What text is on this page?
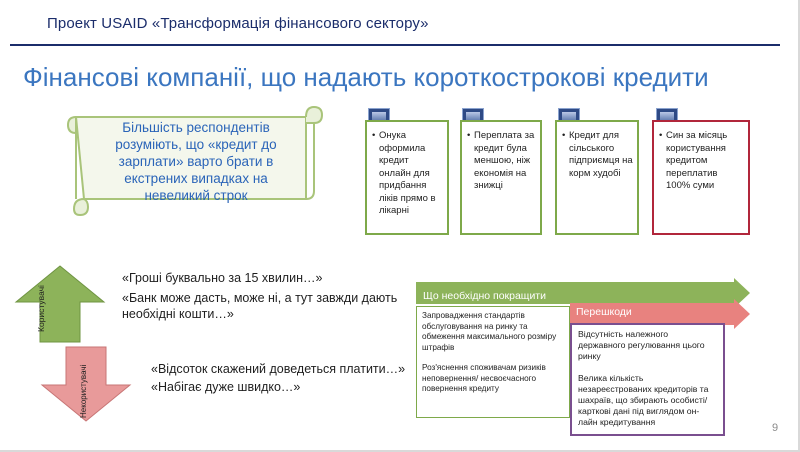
Проект USAID «Трансформація фінансового сектору»
Фінансові компанії, що надають короткострокові кредити
Більшість респондентів розуміють, що «кредит до зарплати» варто брати в екстрених випадках на невеликий строк
• Онука оформила кредит онлайн для придбання ліків прямо в лікарні
• Переплата за кредит була меншою, ніж економія на знижці
• Кредит для сільського підприємця на корм худобі
• Син за місяць користування кредитом переплатив 100% суми
Користувачі
Некористувачі
«Гроші буквально за 15 хвилин…»
«Банк може дасть, може ні, а тут завжди дають
необхідні кошти…»
«Відсоток скажений доведеться платити…»
«Набігає дуже швидко…»
Що необхідно покращити
Перешкоди

Запровадження стандартів обслуговування на ринку та обмеження максимального розміру штрафів

Роз'яснення споживачам ризиків неповернення/ несвоєчасного повернення кредиту

Відсутність належного державного регулювання цього ринку

Велика кількість незареєстрованих кредиторів та шахраїв, що збирають особисті/карткові дані під виглядом он-лайн кредитування	9
